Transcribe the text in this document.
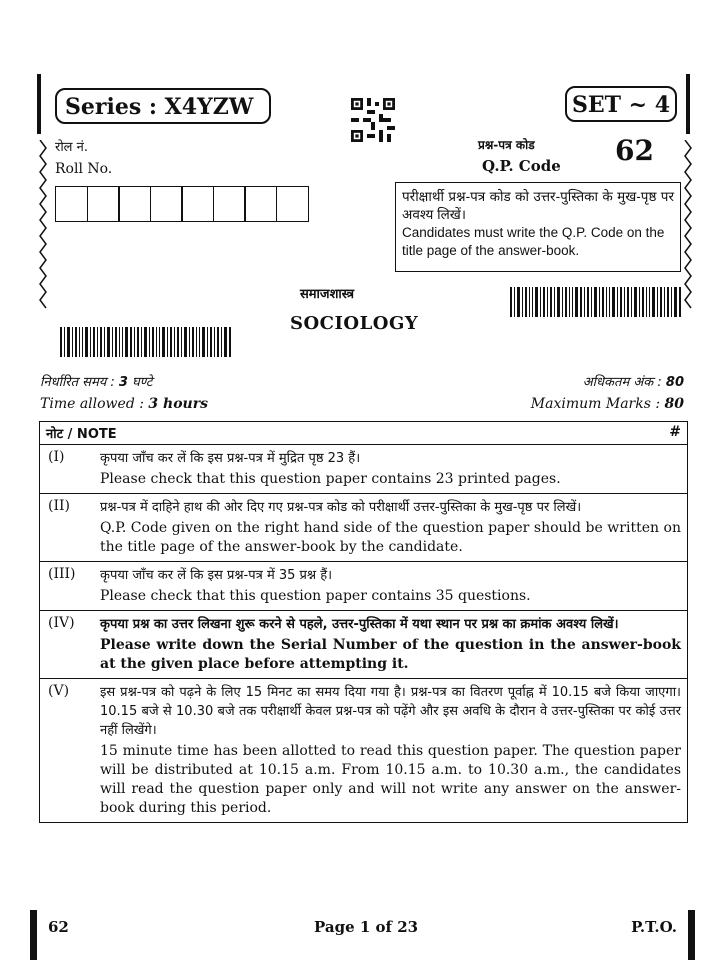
Series : X4YZW	SET ~ 4
रोल नं.
Roll No.
प्रश्न-पत्र कोड
Q.P. Code 62
परीक्षार्थी प्रश्न-पत्र कोड को उत्तर-पुस्तिका के मुख-पृष्ठ पर अवश्य लिखें।
Candidates must write the Q.P. Code on the title page of the answer-book.
समाजशास्त्र
SOCIOLOGY
निर्धारित समय : 3 घण्टे	अधिकतम अंक : 80
Time allowed : 3 hours	Maximum Marks : 80
नोट / NOTE	#
(I)	कृपया जाँच कर लें कि इस प्रश्न-पत्र में मुद्रित पृष्ठ 23 हैं।

Please check that this question paper contains 23 printed pages.

(II)	प्रश्न-पत्र में दाहिने हाथ की ओर दिए गए प्रश्न-पत्र कोड को परीक्षार्थी उत्तर-पुस्तिका के मुख-पृष्ठ पर लिखें।

Q.P. Code given on the right hand side of the question paper should be written on the title page of the answer-book by the candidate.

(III)	कृपया जाँच कर लें कि इस प्रश्न-पत्र में 35 प्रश्न हैं।

Please check that this question paper contains 35 questions.

(IV)	कृपया प्रश्न का उत्तर लिखना शुरू करने से पहले, उत्तर-पुस्तिका में यथा स्थान पर प्रश्न का क्रमांक अवश्य लिखें।

Please write down the Serial Number of the question in the answer-book at the given place before attempting it.

(V)	इस प्रश्न-पत्र को पढ़ने के लिए 15 मिनट का समय दिया गया है। प्रश्न-पत्र का वितरण पूर्वाह्न में 10.15 बजे किया जाएगा। 10.15 बजे से 10.30 बजे तक परीक्षार्थी केवल प्रश्न-पत्र को पढ़ेंगे और इस अवधि के दौरान वे उत्तर-पुस्तिका पर कोई उत्तर नहीं लिखेंगे।

15 minute time has been allotted to read this question paper. The question paper will be distributed at 10.15 a.m. From 10.15 a.m. to 10.30 a.m., the candidates will read the question paper only and will not write any answer on the answer-book during this period.

62	Page 1 of 23	P.T.O.
